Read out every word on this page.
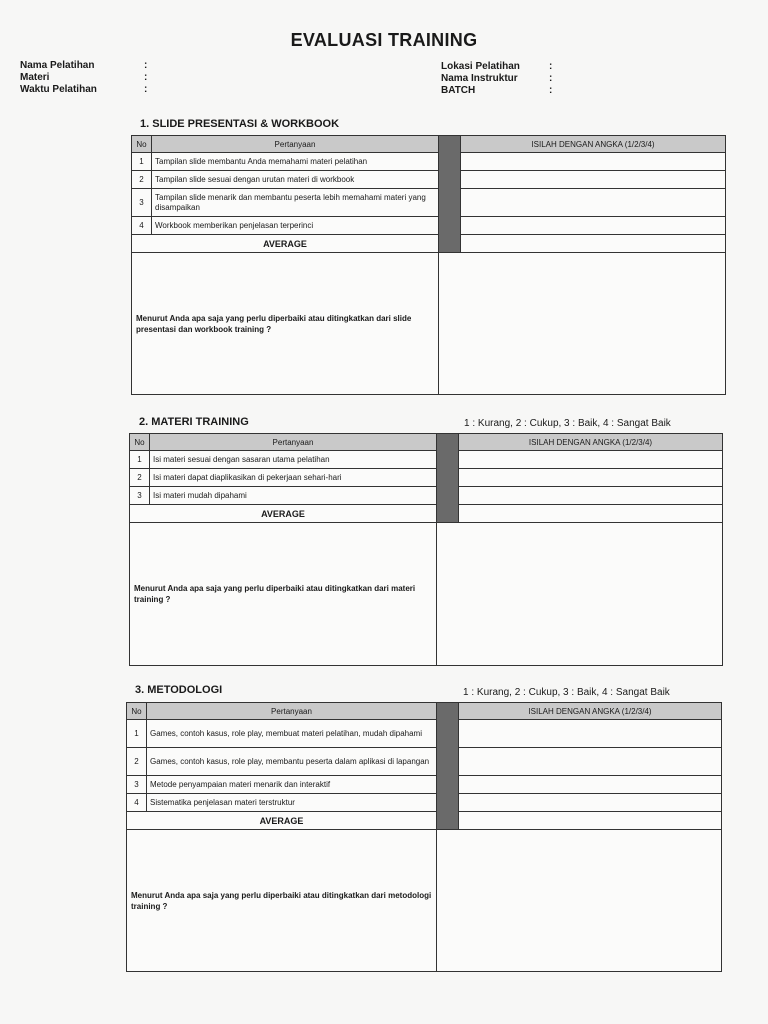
EVALUASI TRAINING
Nama Pelatihan	:
Materi	:
Waktu Pelatihan	:
Lokasi Pelatihan	:
Nama Instruktur	:
BATCH	:
1. SLIDE PRESENTASI & WORKBOOK
No	Pertanyaan		ISILAH DENGAN ANGKA (1/2/3/4)
1	Tampilan slide membantu Anda memahami materi pelatihan		
2	Tampilan slide sesuai dengan urutan materi di workbook		
3	Tampilan slide menarik dan membantu peserta lebih memahami materi yang disampaikan		
4	Workbook memberikan penjelasan terperinci		
AVERAGE			
Menurut Anda apa saja yang perlu diperbaiki atau ditingkatkan dari slide presentasi dan workbook training ?			
2. MATERI TRAINING	1 : Kurang, 2 : Cukup, 3 : Baik, 4 : Sangat Baik
No	Pertanyaan		ISILAH DENGAN ANGKA (1/2/3/4)
1	Isi materi sesuai dengan sasaran utama pelatihan		
2	Isi materi dapat diaplikasikan di pekerjaan sehari-hari		
3	Isi materi mudah dipahami		
AVERAGE			
Menurut Anda apa saja yang perlu diperbaiki atau ditingkatkan dari materi training ?			
3. METODOLOGI	1 : Kurang, 2 : Cukup, 3 : Baik, 4 : Sangat Baik
No	Pertanyaan		ISILAH DENGAN ANGKA (1/2/3/4)
1	Games, contoh kasus, role play, membuat materi pelatihan, mudah dipahami		
2	Games, contoh kasus, role play, membantu peserta dalam aplikasi di lapangan		
3	Metode penyampaian materi menarik dan interaktif		
4	Sistematika penjelasan materi terstruktur		
AVERAGE			
Menurut Anda apa saja yang perlu diperbaiki atau ditingkatkan dari metodologi training ?			
